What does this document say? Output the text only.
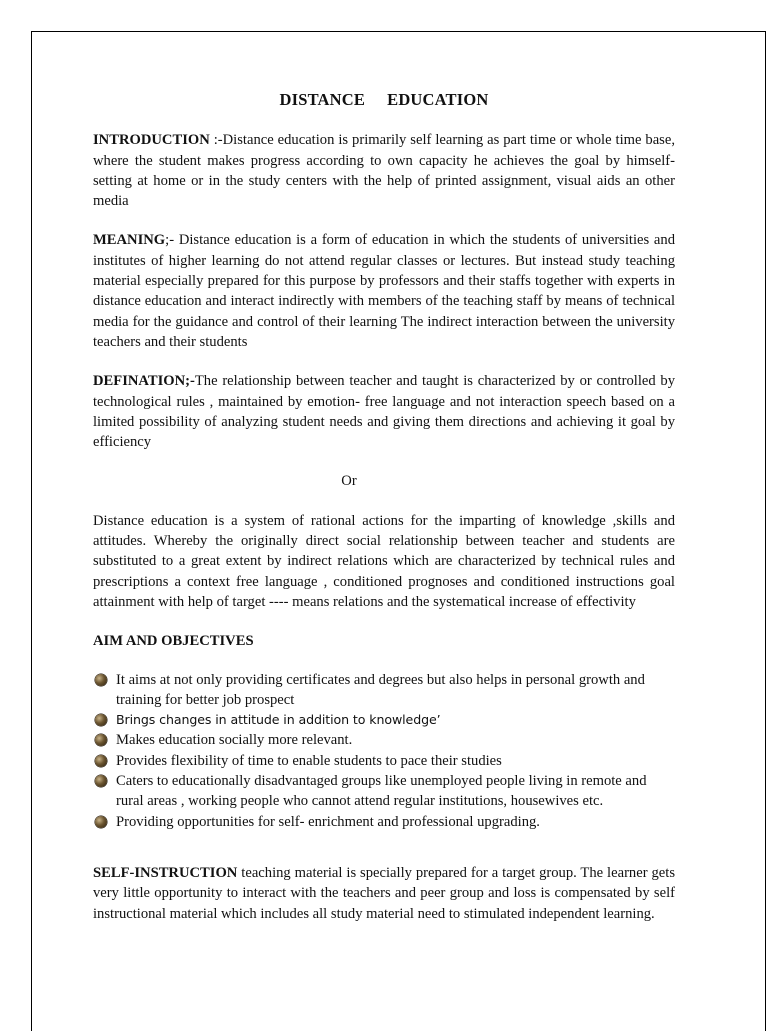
DISTANCE EDUCATION

INTRODUCTION :-Distance education is primarily self learning as part time or whole time base, where the student makes progress according to own capacity he achieves the goal by himself- setting at home or in the study centers with the help of printed assignment, visual aids an other media

MEANING;- Distance education is a form of education in which the students of universities and institutes of higher learning do not attend regular classes or lectures. But instead study teaching material especially prepared for this purpose by professors and their staffs together with experts in distance education and interact indirectly with members of the teaching staff by means of technical media for the guidance and control of their learning The indirect interaction between the university teachers and their students

DEFINATION;-The relationship between teacher and taught is characterized by or controlled by technological rules , maintained by emotion- free language and not interaction speech based on a limited possibility of analyzing student needs and giving them directions and achieving it goal by efficiency

Or

Distance education is a system of rational actions for the imparting of knowledge ,skills and attitudes. Whereby the originally direct social relationship between teacher and students are substituted to a great extent by indirect relations which are characterized by technical rules and prescriptions a context free language , conditioned prognoses and conditioned instructions goal attainment with help of target ---- means relations and the systematical increase of effectivity

AIM AND OBJECTIVES
It aims at not only providing certificates and degrees but also helps in personal growth and training for better job prospect
Brings changes in attitude in addition to knowledge’
Makes education socially more relevant.
Provides flexibility of time to enable students to pace their studies
Caters to educationally disadvantaged groups like unemployed people living in remote and rural areas , working people who cannot attend regular institutions, housewives etc.
Providing opportunities for self- enrichment and professional upgrading.

SELF-INSTRUCTION teaching material is specially prepared for a target group. The learner gets very little opportunity to interact with the teachers and peer group and loss is compensated by self instructional material which includes all study material need to stimulated independent learning.
